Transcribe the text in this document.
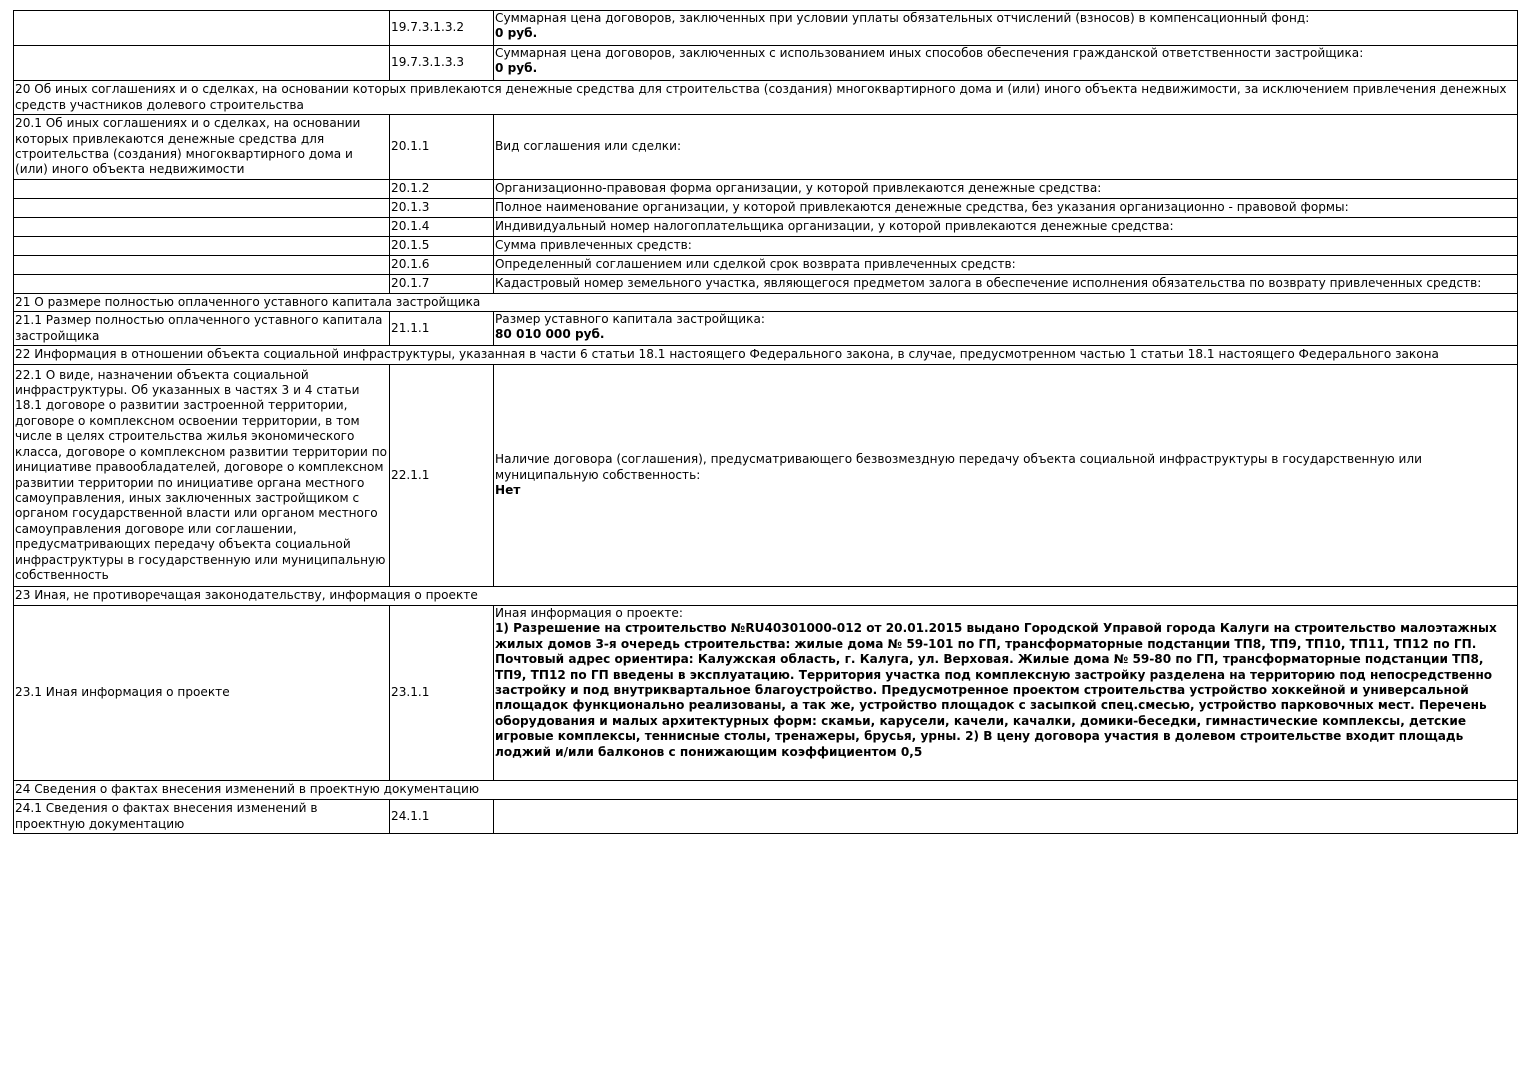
	19.7.3.1.3.2	Суммарная цена договоров, заключенных при условии уплаты обязательных отчислений (взносов) в компенсационный фонд:
0 руб.

	19.7.3.1.3.3	Суммарная цена договоров, заключенных с использованием иных способов обеспечения гражданской ответственности застройщика:
0 руб.

20 Об иных соглашениях и о сделках, на основании которых привлекаются денежные средства для строительства (создания) многоквартирного дома и (или) иного объекта недвижимости, за исключением привлечения денежных средств участников долевого строительства		
20.1 Об иных соглашениях и о сделках, на основании которых привлекаются денежные средства для строительства (создания) многоквартирного дома и (или) иного объекта недвижимости	20.1.1	Вид соглашения или сделки:
	20.1.2	Организационно-правовая форма организации, у которой привлекаются денежные средства:
	20.1.3	Полное наименование организации, у которой привлекаются денежные средства, без указания организационно - правовой формы:
	20.1.4	Индивидуальный номер налогоплательщика организации, у которой привлекаются денежные средства:
	20.1.5	Сумма привлеченных средств:
	20.1.6	Определенный соглашением или сделкой срок возврата привлеченных средств:
	20.1.7	Кадастровый номер земельного участка, являющегося предметом залога в обеспечение исполнения обязательства по возврату привлеченных средств:
21 О размере полностью оплаченного уставного капитала застройщика		
21.1 Размер полностью оплаченного уставного капитала застройщика	21.1.1	Размер уставного капитала застройщика:
80 010 000 руб.

22 Информация в отношении объекта социальной инфраструктуры, указанная в части 6 статьи 18.1 настоящего Федерального закона, в случае, предусмотренном частью 1 статьи 18.1 настоящего Федерального закона		
22.1 О виде, назначении объекта социальной инфраструктуры. Об указанных в частях 3 и 4 статьи 18.1 договоре о развитии застроенной территории, договоре о комплексном освоении территории, в том числе в целях строительства жилья экономического класса, договоре о комплексном развитии территории по инициативе правообладателей, договоре о комплексном развитии территории по инициативе органа местного самоуправления, иных заключенных застройщиком с органом государственной власти или органом местного самоуправления договоре или соглашении, предусматривающих передачу объекта социальной инфраструктуры в государственную или муниципальную собственность	22.1.1	Наличие договора (соглашения), предусматривающего безвозмездную передачу объекта социальной инфраструктуры в государственную или муниципальную собственность:
Нет

23 Иная, не противоречащая законодательству, информация о проекте		
23.1 Иная информация о проекте	23.1.1	Иная информация о проекте:
1) Разрешение на строительство №RU40301000-012 от 20.01.2015 выдано Городской Управой города Калуги на строительство малоэтажных жилых домов 3-я очередь строительства: жилые дома № 59-101 по ГП, трансформаторные подстанции ТП8, ТП9, ТП10, ТП11, ТП12 по ГП. Почтовый адрес ориентира: Калужская область, г. Калуга, ул. Верховая. Жилые дома № 59-80 по ГП, трансформаторные подстанции ТП8, ТП9, ТП12 по ГП введены в эксплуатацию. Территория участка под комплексную застройку разделена на территорию под непосредственно застройку и под внутриквартальное благоустройство. Предусмотренное проектом строительства устройство хоккейной и универсальной площадок функционально реализованы, а так же, устройство площадок с засыпкой спец.смесью, устройство парковочных мест. Перечень оборудования и малых архитектурных форм: скамьи, карусели, качели, качалки, домики-беседки, гимнастические комплексы, детские игровые комплексы, теннисные столы, тренажеры, брусья, урны. 2) В цену договора участия в долевом строительстве входит площадь лоджий и/или балконов с понижающим коэффициентом 0,5

24 Сведения о фактах внесения изменений в проектную документацию		
24.1 Сведения о фактах внесения изменений в проектную документацию	24.1.1	
